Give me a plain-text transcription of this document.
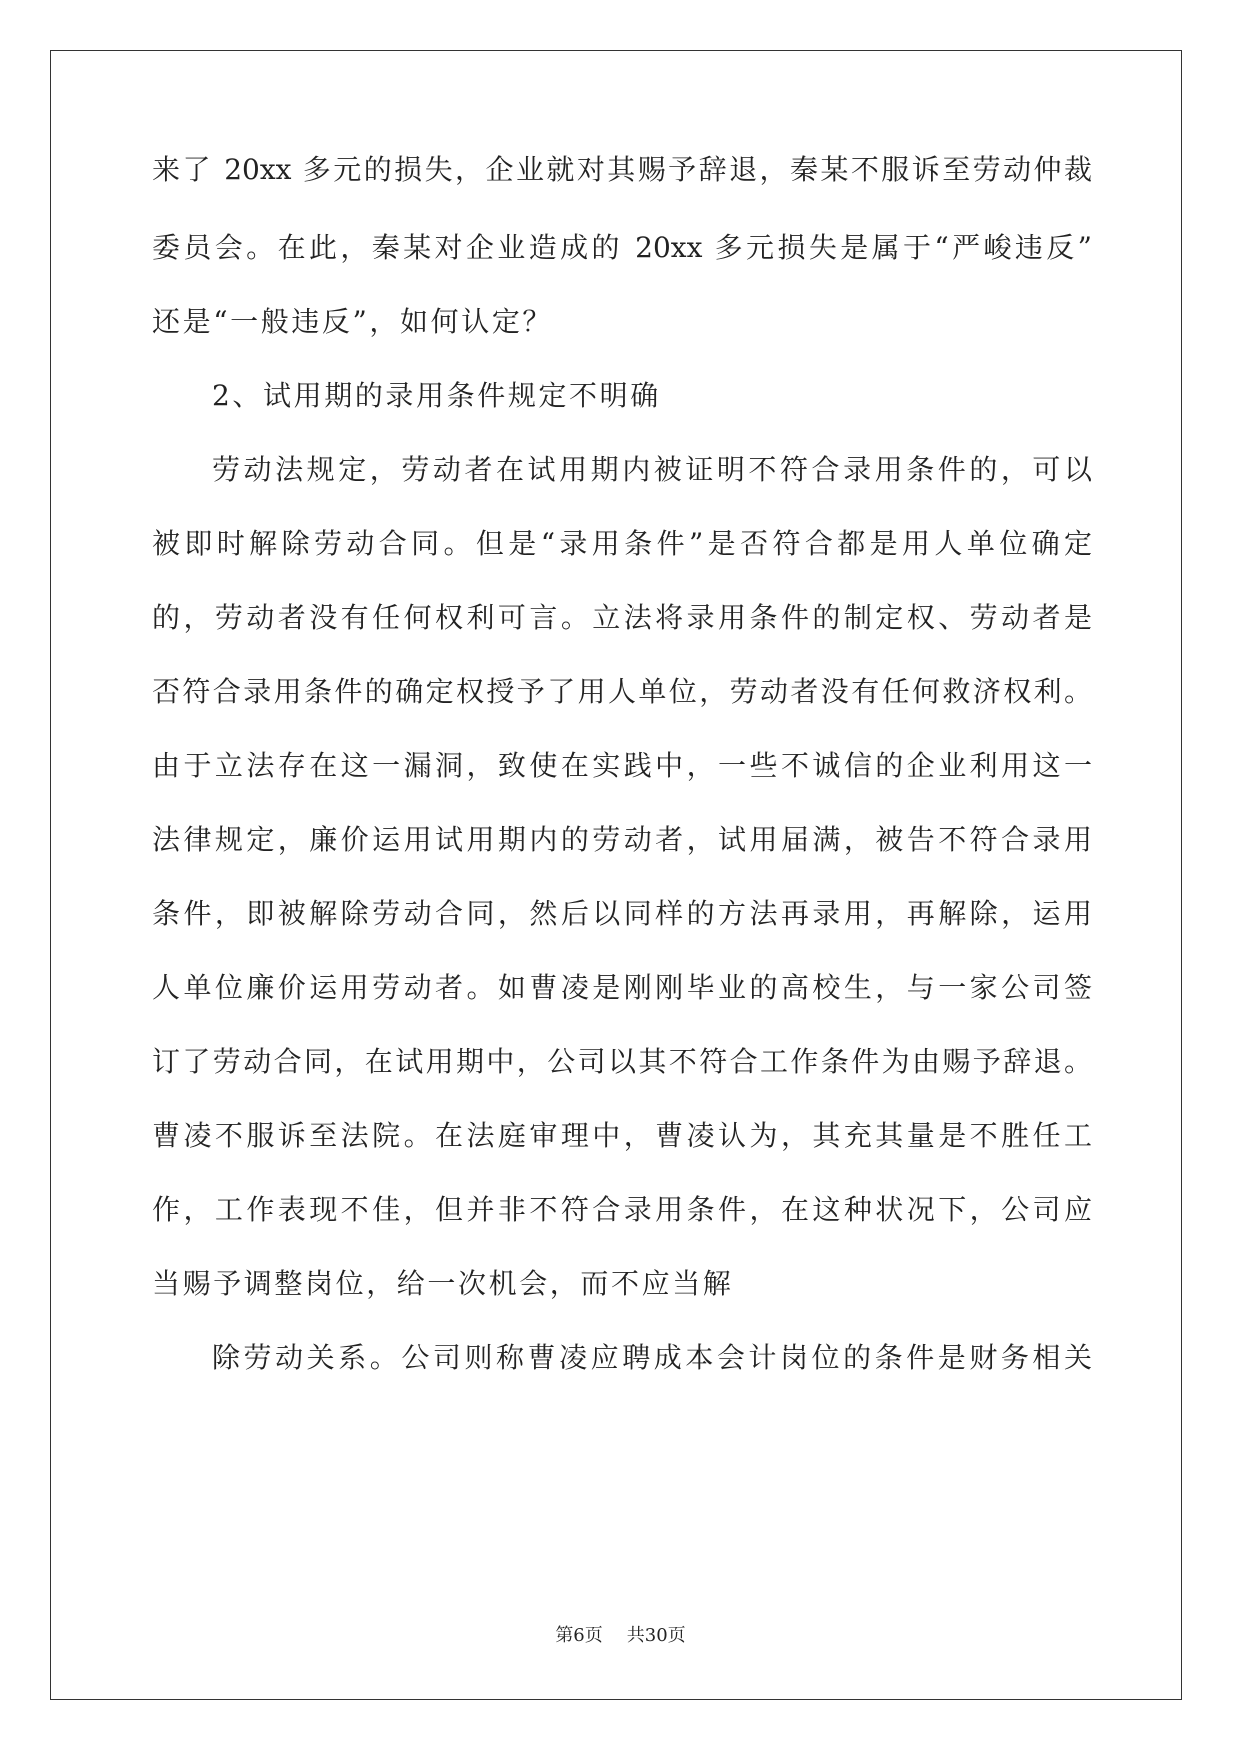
来了 20xx 多元的损失，企业就对其赐予辞退，秦某不服诉至劳动仲裁
委员会。在此，秦某对企业造成的 20xx 多元损失是属于“严峻违反”
还是“一般违反”，如何认定？
2、试用期的录用条件规定不明确
劳动法规定，劳动者在试用期内被证明不符合录用条件的，可以
被即时解除劳动合同。但是“录用条件”是否符合都是用人单位确定
的，劳动者没有任何权利可言。立法将录用条件的制定权、劳动者是
否符合录用条件的确定权授予了用人单位，劳动者没有任何救济权利。
由于立法存在这一漏洞，致使在实践中，一些不诚信的企业利用这一
法律规定，廉价运用试用期内的劳动者，试用届满，被告不符合录用
条件，即被解除劳动合同，然后以同样的方法再录用，再解除，运用
人单位廉价运用劳动者。如曹凌是刚刚毕业的高校生，与一家公司签
订了劳动合同，在试用期中，公司以其不符合工作条件为由赐予辞退。
曹凌不服诉至法院。在法庭审理中，曹凌认为，其充其量是不胜任工
作，工作表现不佳，但并非不符合录用条件，在这种状况下，公司应
当赐予调整岗位，给一次机会，而不应当解
除劳动关系。公司则称曹凌应聘成本会计岗位的条件是财务相关
第6页 共30页
